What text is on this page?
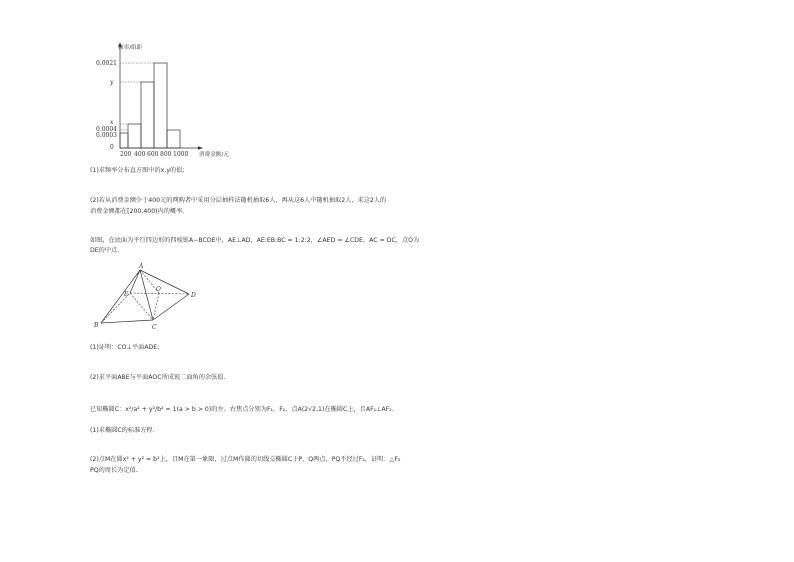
0.0021
y
x
0.0004
0.0003
0
200 400 600 800 1000
频率/组距
消费金额/元
(1)求频率分布直方图中的x,y的值;
(2)若从消费金额少于400元的网购者中采用分层抽样法随机抽取6人，再从这6人中随机抽取2人，求这2人的
消费金额都在[200,400)内的概率.
如图，在底面为平行四边形的四棱锥A−BCDE中，AE⊥AD，AE:EB:BC = 1:2:2，∠AED = ∠CDE，AC = DC，点O为
DE的中点.
A
B	C
D
E
O
(1)证明：CO⊥平面ADE;
(2)求平面ABE与平面AOC所成锐二面角的余弦值.
已知椭圆C：x²/a² + y²/b² = 1(a > b > 0)的左、右焦点分别为F₁，F₂，点A(2√2,1)在椭圆C上，且AF₁⊥AF₂.
(1)求椭圆C的标准方程.
(2)点M在圆x² + y² = b²上，且M在第一象限，过点M作圆的切线交椭圆C于P，Q两点，PQ不经过F₂，证明：△F₂
PQ的周长为定值.
